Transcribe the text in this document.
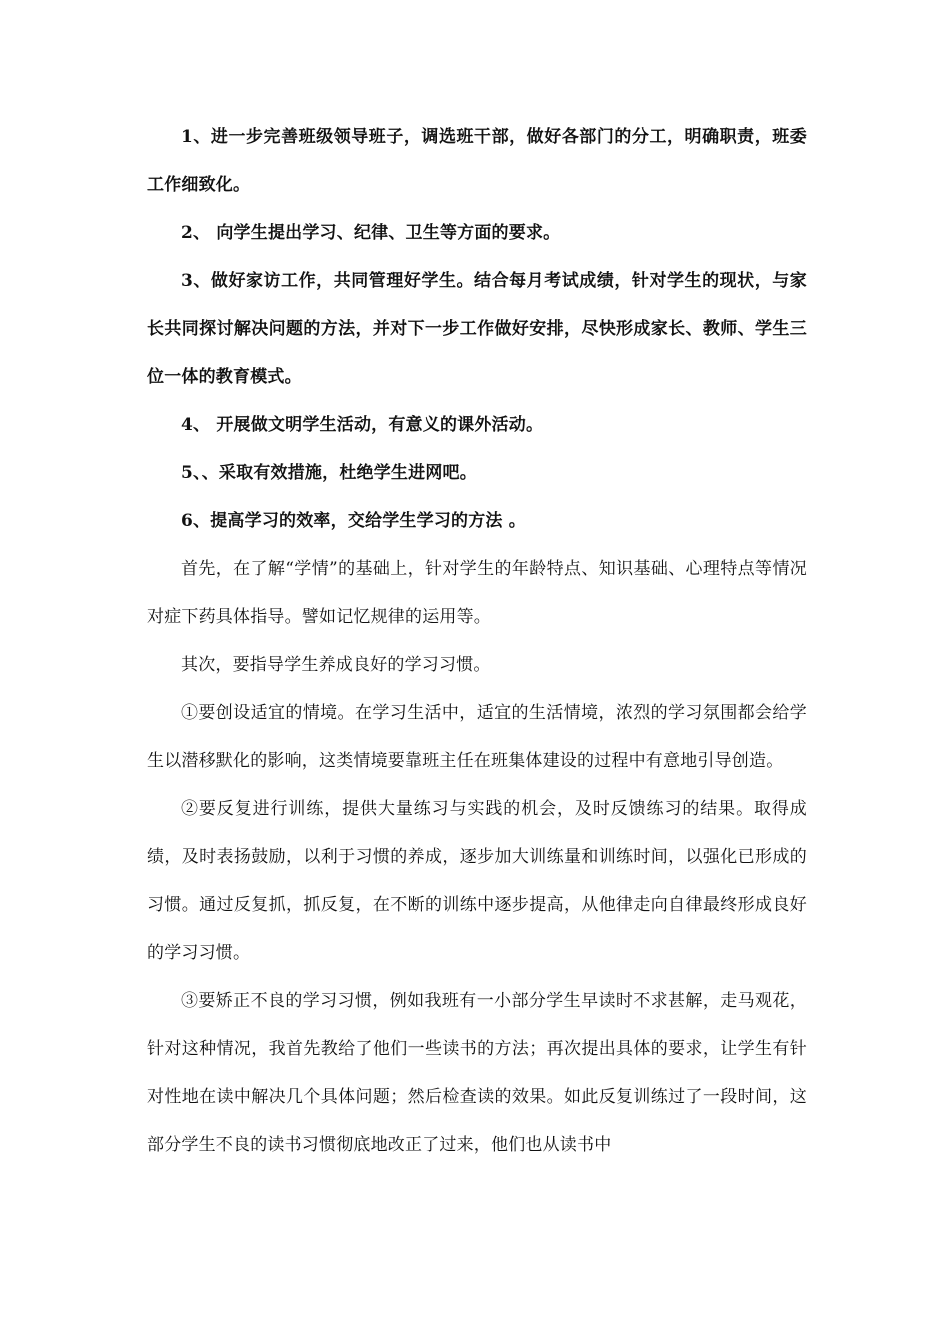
1、进一步完善班级领导班子，调选班干部，做好各部门的分工，明确职责，班委工作细致化。

2、 向学生提出学习、纪律、卫生等方面的要求。

3、做好家访工作，共同管理好学生。结合每月考试成绩，针对学生的现状，与家长共同探讨解决问题的方法，并对下一步工作做好安排，尽快形成家长、教师、学生三位一体的教育模式。

4、 开展做文明学生活动，有意义的课外活动。

5、、采取有效措施，杜绝学生进网吧。

6、提高学习的效率，交给学生学习的方法 。

首先，在了解“学情”的基础上，针对学生的年龄特点、知识基础、心理特点等情况对症下药具体指导。譬如记忆规律的运用等。

其次，要指导学生养成良好的学习习惯。

①要创设适宜的情境。在学习生活中，适宜的生活情境，浓烈的学习氛围都会给学生以潜移默化的影响，这类情境要靠班主任在班集体建设的过程中有意地引导创造。

②要反复进行训练，提供大量练习与实践的机会，及时反馈练习的结果。取得成绩，及时表扬鼓励，以利于习惯的养成，逐步加大训练量和训练时间，以强化已形成的习惯。通过反复抓，抓反复，在不断的训练中逐步提高，从他律走向自律最终形成良好的学习习惯。

③要矫正不良的学习习惯，例如我班有一小部分学生早读时不求甚解，走马观花，针对这种情况，我首先教给了他们一些读书的方法；再次提出具体的要求，让学生有针对性地在读中解决几个具体问题；然后检查读的效果。如此反复训练过了一段时间，这部分学生不良的读书习惯彻底地改正了过来，他们也从读书中
